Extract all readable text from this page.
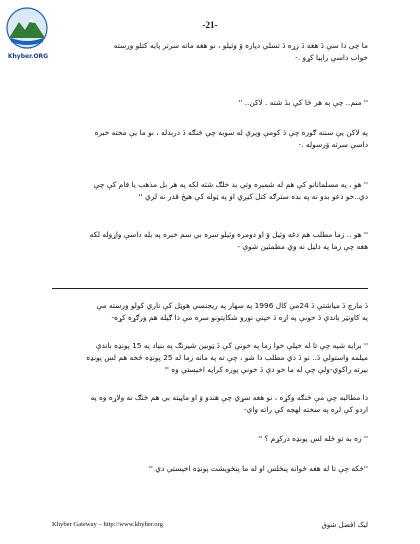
Khyber.ORG
-21-

ما چی دا سې دَ هغه دَ زړه دَ تسلي دپاره وَ وئيلو ، نو هغه ماته سرتر پايه کتلو ورسته
خواب داسې راپيا کړو .-

'' منم.. چې په هر ځا کې بدَ شته . لاکن.. ''

په لاکن يې سننه ګوره چې دَ کومې ويرې له سوبه چې ځنګه دَ دربدله ، نو ما يې مخته خبره
داسې سرته وَرسوله .-

'' هو ، په مسلمانانو کې هم له شمېره وتي بد خلګ شته لکه په هر بل مذهب يا قام کې چې
دي..خو دعو بدو ته په بده سترګه کتل کيږي او په ټوله کې هيڅ قدر نه لري ''

'' هو .. زما مطلب هم دغه وئيل وَ او دومره وئيلو سره بي سم خبره په بله داسې واړوله لکه
هغه چې زما په دليل نه وي مطمئين شوې -

دَ مارچ دَ مياشتې دَ 24مې کال 1996 په سهار په ريجنسي هوټل کې ناري کولو ورسته مې
په کاونټر باندې دَ خونې په اړه دَ خپنې نورو شکايتونو سره مې دا ګيله هم ورګړه کړه-

'' برايه شپه چې تا له خپلې خوا زما په خونې کې دَ ټوبين شيرنګ په بنياد په 15 پونډه باندې
ميلمه واستولې دَ.. نو دَ دي مطلب دا شو ، چې ته په ماته زما له 25 پونډه ځخه هم لس پونډه
بيرته راکوي-ولې چې له ما خو دې دَ خونې پوره کرايه اخيستې وه ''

دا مطالبه چې مې ځنګه وکړه ، نو هغه سړي چې هندو وَ او ماڼيته بي هم ځنګ نه ولاړه وه په
اردو کې لږه په سخته لهجه کې راته واې-

'' زه به تو ځله لس پونډه درکړم ؟ ''

''ځکه چې تا له هغه ځوانه پنځلس او له ما پنځويشت پونډه اخيستي دي ''

Khyber Gateway – http://www.khyber.org	ليک افضل شوق
